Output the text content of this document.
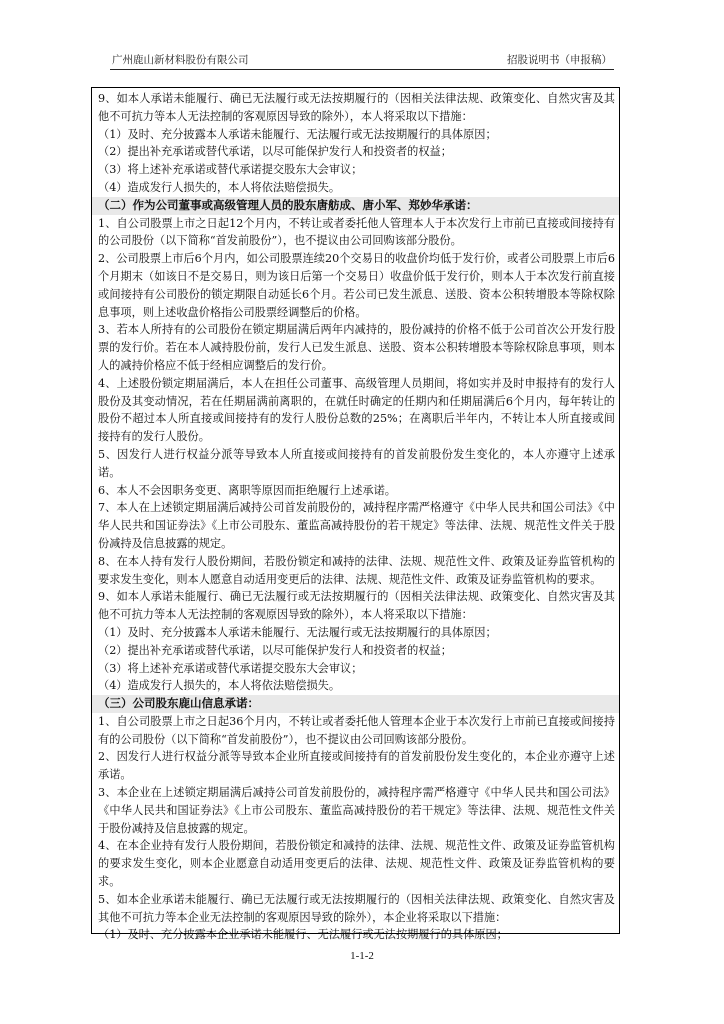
广州鹿山新材料股份有限公司	招股说明书（申报稿）

9、如本人承诺未能履行、确已无法履行或无法按期履行的（因相关法律法规、政策变化、自然灾害及其他不可抗力等本人无法控制的客观原因导致的除外），本人将采取以下措施：

（1）及时、充分披露本人承诺未能履行、无法履行或无法按期履行的具体原因；

（2）提出补充承诺或替代承诺，以尽可能保护发行人和投资者的权益；

（3）将上述补充承诺或替代承诺提交股东大会审议；

（4）造成发行人损失的，本人将依法赔偿损失。

（二）作为公司董事或高级管理人员的股东唐舫成、唐小军、郑妙华承诺：

1、自公司股票上市之日起12个月内，不转让或者委托他人管理本人于本次发行上市前已直接或间接持有的公司股份（以下简称“首发前股份”），也不提议由公司回购该部分股份。

2、公司股票上市后6个月内，如公司股票连续20个交易日的收盘价均低于发行价，或者公司股票上市后6个月期末（如该日不是交易日，则为该日后第一个交易日）收盘价低于发行价，则本人于本次发行前直接或间接持有公司股份的锁定期限自动延长6个月。若公司已发生派息、送股、资本公积转增股本等除权除息事项，则上述收盘价格指公司股票经调整后的价格。

3、若本人所持有的公司股份在锁定期届满后两年内减持的，股份减持的价格不低于公司首次公开发行股票的发行价。若在本人减持股份前，发行人已发生派息、送股、资本公积转增股本等除权除息事项，则本人的减持价格应不低于经相应调整后的发行价。

4、上述股份锁定期届满后，本人在担任公司董事、高级管理人员期间，将如实并及时申报持有的发行人股份及其变动情况，若在任期届满前离职的，在就任时确定的任期内和任期届满后6个月内，每年转让的股份不超过本人所直接或间接持有的发行人股份总数的25%；在离职后半年内，不转让本人所直接或间接持有的发行人股份。

5、因发行人进行权益分派等导致本人所直接或间接持有的首发前股份发生变化的，本人亦遵守上述承诺。

6、本人不会因职务变更、离职等原因而拒绝履行上述承诺。

7、本人在上述锁定期届满后减持公司首发前股份的，减持程序需严格遵守《中华人民共和国公司法》《中华人民共和国证券法》《上市公司股东、董监高减持股份的若干规定》等法律、法规、规范性文件关于股份减持及信息披露的规定。

8、在本人持有发行人股份期间，若股份锁定和减持的法律、法规、规范性文件、政策及证券监管机构的要求发生变化，则本人愿意自动适用变更后的法律、法规、规范性文件、政策及证券监管机构的要求。

9、如本人承诺未能履行、确已无法履行或无法按期履行的（因相关法律法规、政策变化、自然灾害及其他不可抗力等本人无法控制的客观原因导致的除外），本人将采取以下措施：

（1）及时、充分披露本人承诺未能履行、无法履行或无法按期履行的具体原因；

（2）提出补充承诺或替代承诺，以尽可能保护发行人和投资者的权益；

（3）将上述补充承诺或替代承诺提交股东大会审议；

（4）造成发行人损失的，本人将依法赔偿损失。

（三）公司股东鹿山信息承诺：

1、自公司股票上市之日起36个月内，不转让或者委托他人管理本企业于本次发行上市前已直接或间接持有的公司股份（以下简称“首发前股份”），也不提议由公司回购该部分股份。

2、因发行人进行权益分派等导致本企业所直接或间接持有的首发前股份发生变化的，本企业亦遵守上述承诺。

3、本企业在上述锁定期届满后减持公司首发前股份的，减持程序需严格遵守《中华人民共和国公司法》《中华人民共和国证券法》《上市公司股东、董监高减持股份的若干规定》等法律、法规、规范性文件关于股份减持及信息披露的规定。

4、在本企业持有发行人股份期间，若股份锁定和减持的法律、法规、规范性文件、政策及证券监管机构的要求发生变化，则本企业愿意自动适用变更后的法律、法规、规范性文件、政策及证券监管机构的要求。

5、如本企业承诺未能履行、确已无法履行或无法按期履行的（因相关法律法规、政策变化、自然灾害及其他不可抗力等本企业无法控制的客观原因导致的除外），本企业将采取以下措施：

（1）及时、充分披露本企业承诺未能履行、无法履行或无法按期履行的具体原因；

1-1-2
